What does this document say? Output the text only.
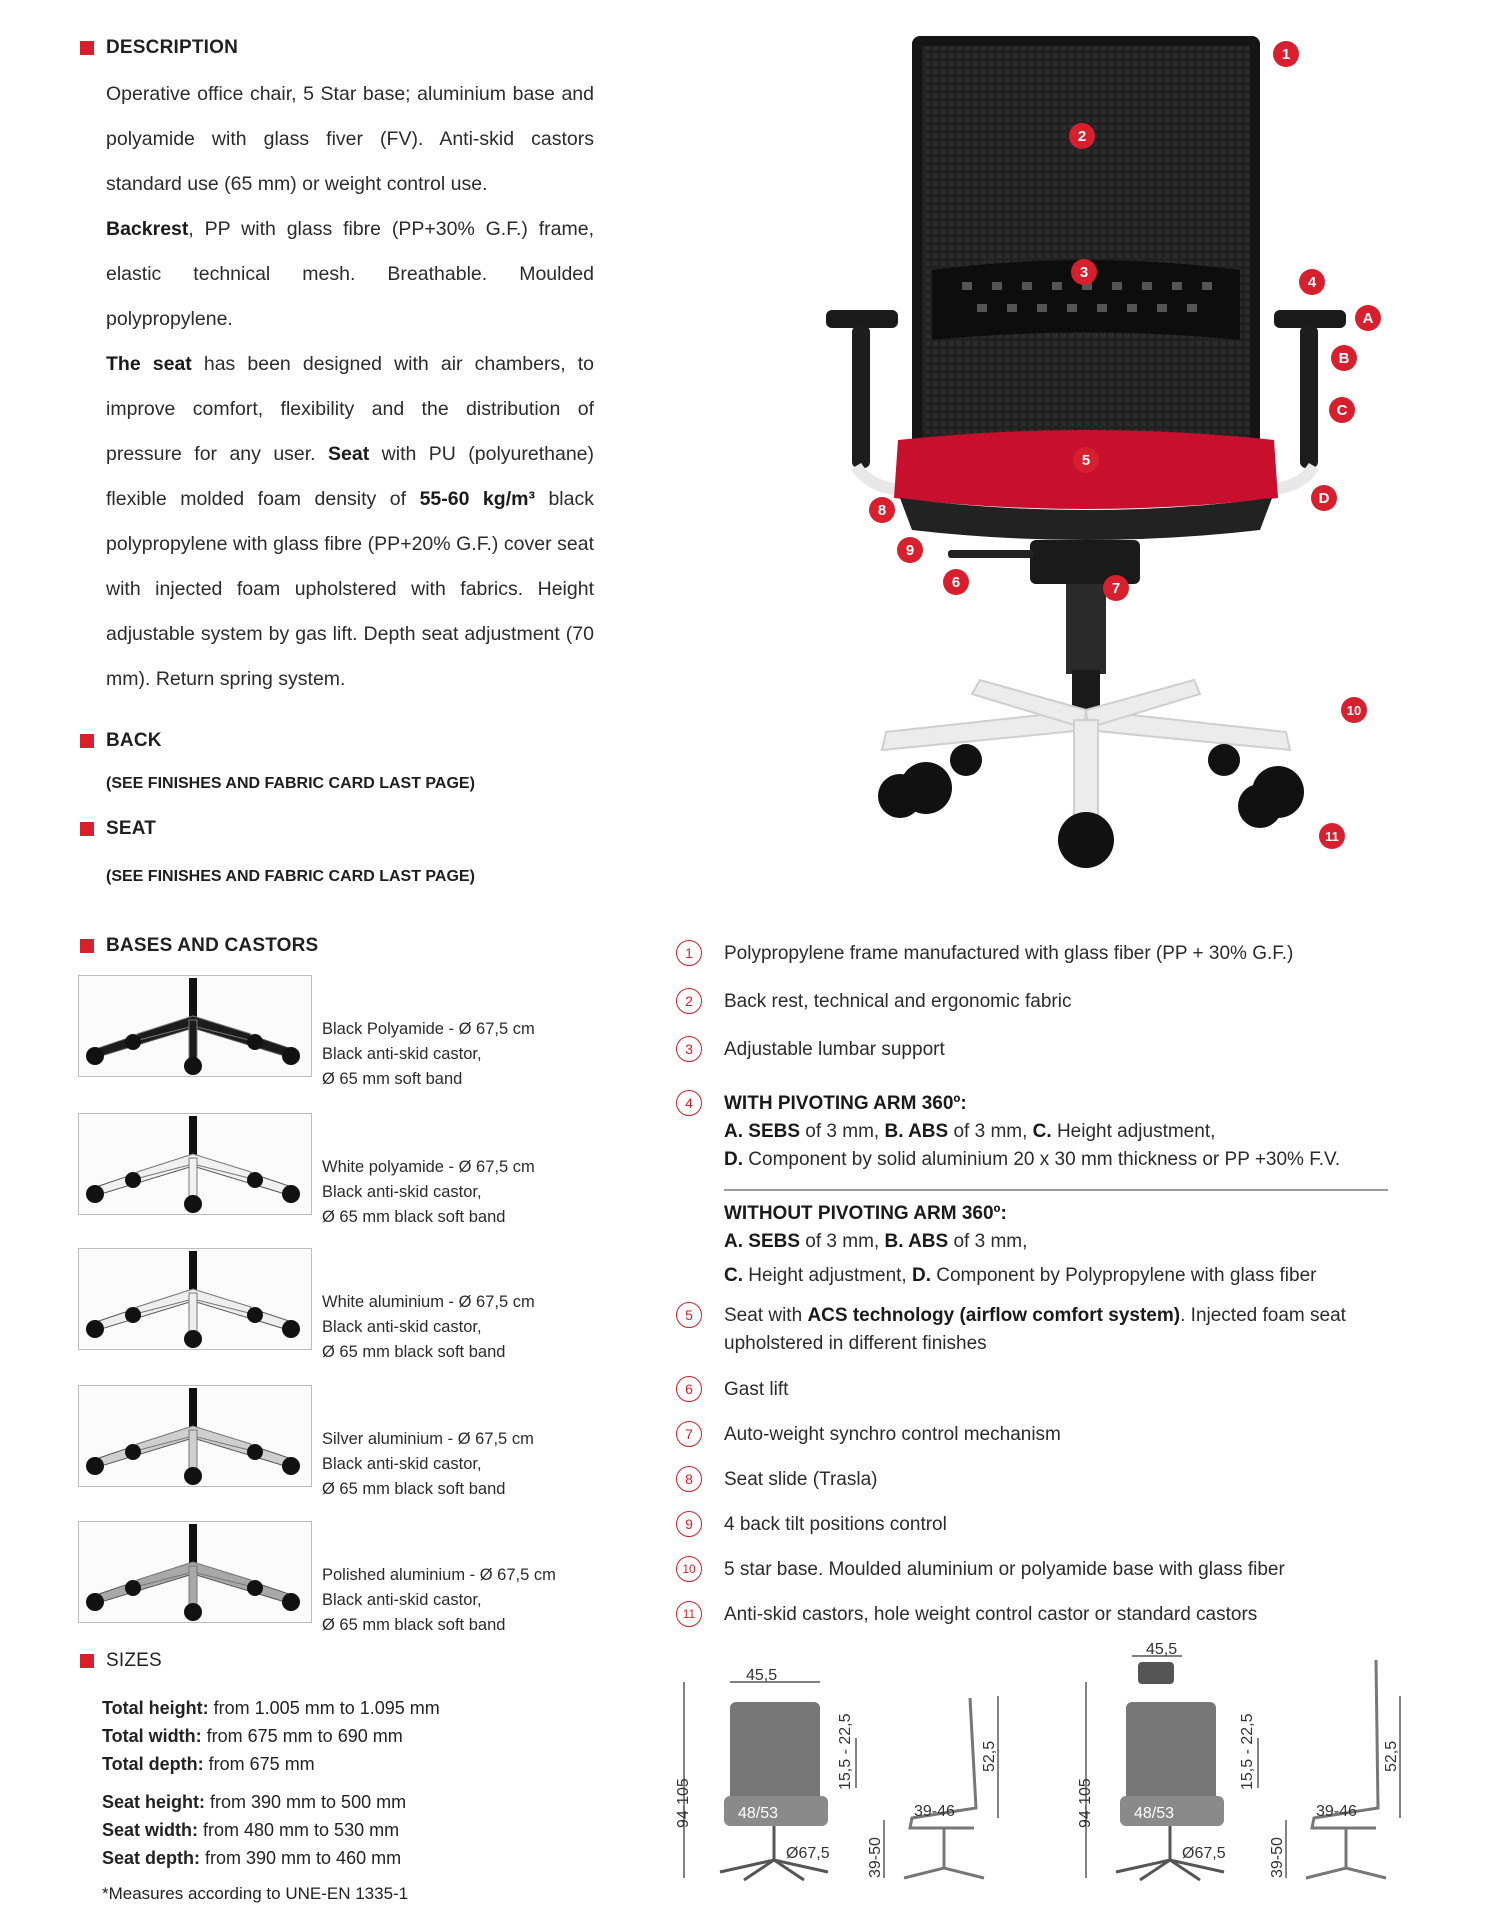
DESCRIPTION

Operative office chair, 5 Star base; aluminium base and polyamide with glass fiver (FV). Anti-skid castors standard use (65 mm) or weight control use.

Backrest, PP with glass fibre (PP+30% G.F.) frame, elastic technical mesh. Breathable. Moulded polypropylene.

The seat has been designed with air chambers, to improve comfort, flexibility and the distribution of pressure for any user. Seat with PU (polyurethane) flexible molded foam density of 55-60 kg/m³ black polypropylene with glass fibre (PP+20% G.F.) cover seat with injected foam upholstered with fabrics. Height adjustable system by gas lift. Depth seat adjustment (70 mm). Return spring system.

BACK
(SEE FINISHES AND FABRIC CARD LAST PAGE)
SEAT
(SEE FINISHES AND FABRIC CARD LAST PAGE)
BASES AND CASTORS
Black Polyamide - Ø 67,5 cm
Black anti-skid castor,
Ø 65 mm soft band
White polyamide - Ø 67,5 cm
Black anti-skid castor,
Ø 65 mm black soft band
White aluminium - Ø 67,5 cm
Black anti-skid castor,
Ø 65 mm black soft band
Silver aluminium - Ø 67,5 cm
Black anti-skid castor,
Ø 65 mm black soft band
Polished aluminium - Ø 67,5 cm
Black anti-skid castor,
Ø 65 mm black soft band
SIZES
Total height: from 1.005 mm to 1.095 mm
Total width: from 675 mm to 690 mm
Total depth: from 675 mm
Seat height: from 390 mm to 500 mm
Seat width: from 480 mm to 530 mm
Seat depth: from 390 mm to 460 mm
*Measures according to UNE-EN 1335-1
1
2
3
4
A
B
C
5
D
8
9
6	7
10
11
1	Polypropylene frame manufactured with glass fiber (PP + 30% G.F.)
2	Back rest, technical and ergonomic fabric
3	Adjustable lumbar support
4	WITH PIVOTING ARM 360º:
A. SEBS of 3 mm, B. ABS of 3 mm, C. Height adjustment,
D. Component by solid aluminium 20 x 30 mm thickness or PP +30% F.V.
WITHOUT PIVOTING ARM 360º:
A. SEBS of 3 mm, B. ABS of 3 mm,
C. Height adjustment, D. Component by Polypropylene with glass fiber
5	Seat with ACS technology (airflow comfort system). Injected foam seat upholstered in different finishes
6	Gast lift
7	Auto-weight synchro control mechanism
8	Seat slide (Trasla)
9	4 back tilt positions control
10	5 star base. Moulded aluminium or polyamide base with glass fiber
11	Anti-skid castors, hole weight control castor or standard castors
45,5
94-105	48/53
15,5 - 22,5
39-46
52,5
Ø67,5 39-50
45,5
94-105	48/53
15,5 - 22,5
39-46
52,5
Ø67,5	39-50
